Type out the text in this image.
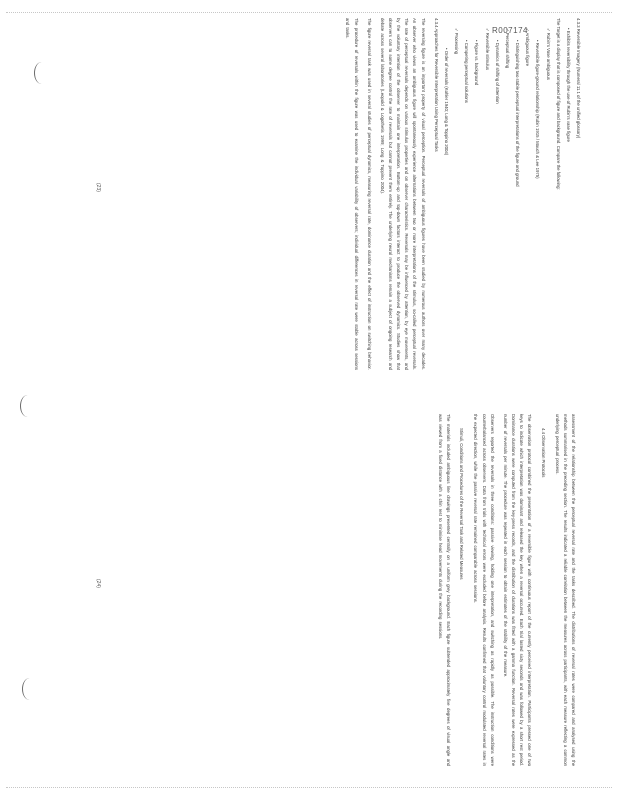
R007174	4.3.3 Reversible Imagery (Numeral 11.1 of the unified glossary)
• Exhibits reversibility through the use of Rubin's vase figure
The Target is a display that is composed of figure and background. Compare the following:
✓ Rubin's Vase ambiguous
• Reversible figure-ground relationship (Rubin 1915 / Mauch & Lee 1975)
✓ Ambiguous figure
• Distinguishing two stable perceptual interpretations of the figure and ground
✓ Perceptual shifting
• Dynamics of shifting of attention
✓ Reversible stimulus
• Figure vs. background
• Competing perceptual solutions
✓ Processing
• Order of reversals (Kohler 1940; Long & Toppino 2004)
4.3.4 Approaches for Reversible Interpretation Using Perceptual Tasks

The reversing figure is an important property of visual perception. Perceptual reversals of ambiguous figures have been studied by numerous authors over many decades. An observer who views an ambiguous figure will spontaneously experience alternations between two or more interpretations of the stimulus, so-called perceptual reversals. The rate of perceptual reversals depends on various stimulus properties and on observer characteristics. Reversals may be influenced by attention, by eye movements, and by the voluntary intention of the observer to maintain one interpretation. Bottom-up and top-down factors interact to produce the observed dynamics. Studies show that observers can to some degree control the rate of reversals but cannot prevent them entirely. The underlying neural mechanisms remain a subject of ongoing research and debate across several laboratories (Leopold & Logothetis 1999; Long & Toppino 2004).

The figure reversal task was used in several studies of perceptual dynamics, measuring reversal rate, dominance duration and the effect of instruction on switching behavior.

The procedure of reversals within the figure was used to examine the individual variability of observers; individual differences in reversal rate were stable across sessions and tasks.

(23)

assessment of the relationship between the perceptual reversal rate and the tasks described. The distributions of reversal rates were compared and analysed using the methods summarised in the preceding section. The results indicated a reliable correlation between the measures across participants, with each measure reflecting a common underlying perceptual process.

4.4 Observation Protocols

The observation protocol combined the presentation of a reversible figure with continuous report of the currently perceived interpretation. Participants pressed one of two keys to indicate which interpretation was dominant and released the key when a reversal occurred. Each trial lasted sixty seconds and was followed by a short rest period. Dominance durations were computed from the key-press records, and the distribution of durations was fitted with a gamma function. Reversal rates were expressed as the number of reversals per minute. The procedure was repeated in each session to obtain estimates of the stability of the measure.

Observers reported the reversals in three conditions: passive viewing, holding one interpretation, and switching as rapidly as possible. The instruction conditions were counterbalanced across observers. Data from trials with technical errors were excluded before analysis. Results confirmed that voluntary control modulated reversal rates in the expected direction, while the passive reversal rate remained comparable across sessions.

Stimuli, Conditions and Procedures of the Reversal Task and Related Measures

The materials included ambiguous line drawings presented centrally on a uniform grey background. Each figure subtended approximately five degrees of visual angle and was viewed from a fixed distance with a chin rest to minimise head movements during the recording sessions.

(24)
